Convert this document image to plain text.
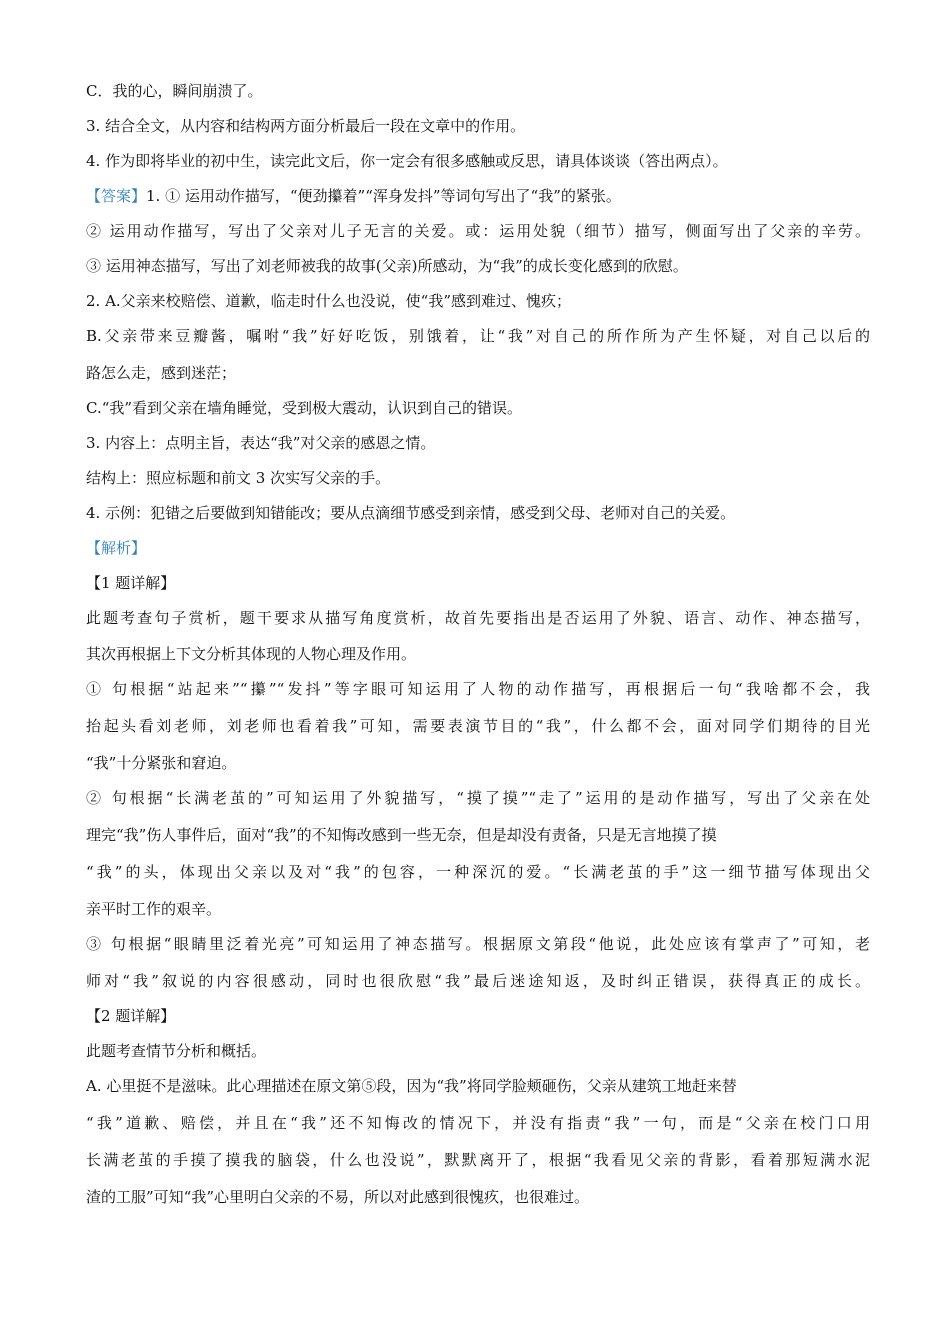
C．我的心，瞬间崩溃了。
3. 结合全文，从内容和结构两方面分析最后一段在文章中的作用。
4. 作为即将毕业的初中生，读完此文后，你一定会有很多感触或反思，请具体谈谈（答出两点）。
【答案】1. ① 运用动作描写，“便劲攥着”“浑身发抖”等词句写出了“我”的紧张。
② 运用动作描写，写出了父亲对儿子无言的关爱。或：运用处貌（细节）描写，侧面写出了父亲的辛劳。
③ 运用神态描写，写出了刘老师被我的故事(父亲)所感动，为“我”的成长变化感到的欣慰。
2. A.父亲来校赔偿、道歉，临走时什么也没说，使“我”感到难过、愧疚；
B.父亲带来豆瓣酱，嘱咐“我”好好吃饭，别饿着，让“我”对自己的所作所为产生怀疑，对自己以后的
路怎么走，感到迷茫；
C.“我”看到父亲在墙角睡觉，受到极大震动，认识到自己的错误。
3. 内容上：点明主旨，表达“我”对父亲的感恩之情。
结构上：照应标题和前文 3 次实写父亲的手。
4. 示例：犯错之后要做到知错能改；要从点滴细节感受到亲情，感受到父母、老师对自己的关爱。
【解析】
【1 题详解】
此题考查句子赏析，题干要求从描写角度赏析，故首先要指出是否运用了外貌、语言、动作、神态描写，
其次再根据上下文分析其体现的人物心理及作用。
① 句根据“站起来”“攥”“发抖”等字眼可知运用了人物的动作描写，再根据后一句“我啥都不会，我
抬起头看刘老师，刘老师也看着我”可知，需要表演节目的“我”，什么都不会，面对同学们期待的目光
“我”十分紧张和窘迫。
② 句根据“长满老茧的”可知运用了外貌描写，“摸了摸”“走了”运用的是动作描写，写出了父亲在处
理完“我”伤人事件后，面对“我”的不知悔改感到一些无奈，但是却没有责备，只是无言地摸了摸
“我”的头，体现出父亲以及对“我”的包容，一种深沉的爱。“长满老茧的手”这一细节描写体现出父
亲平时工作的艰辛。
③ 句根据“眼睛里泛着光亮”可知运用了神态描写。根据原文第段“他说，此处应该有掌声了”可知，老
师对“我”叙说的内容很感动，同时也很欣慰“我”最后迷途知返，及时纠正错误，获得真正的成长。
【2 题详解】
此题考查情节分析和概括。
A. 心里挺不是滋味。此心理描述在原文第⑤段，因为“我”将同学脸颊砸伤，父亲从建筑工地赶来替
“我”道歉、赔偿，并且在“我”还不知悔改的情况下，并没有指责“我”一句，而是“父亲在校门口用
长满老茧的手摸了摸我的脑袋，什么也没说”，默默离开了，根据“我看见父亲的背影，看着那短满水泥
渣的工服”可知“我”心里明白父亲的不易，所以对此感到很愧疚，也很难过。
